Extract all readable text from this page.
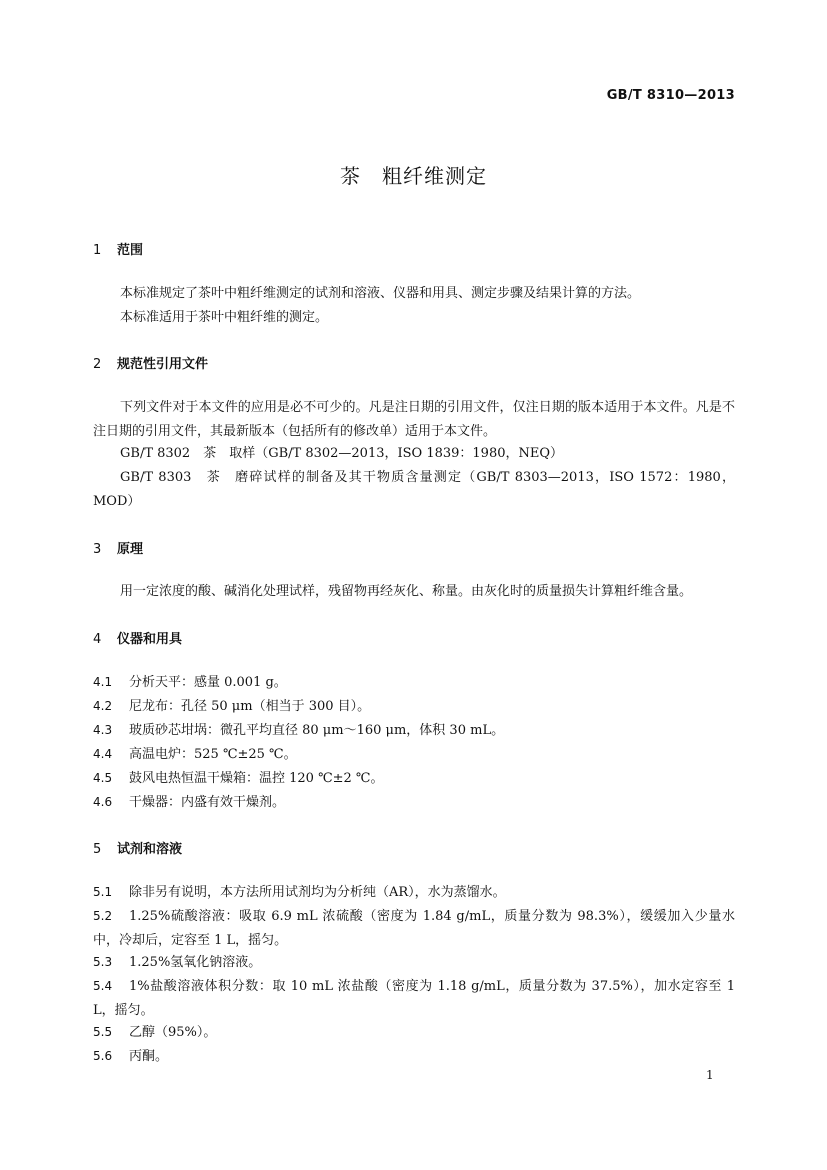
GB/T 8310—2013
茶　粗纤维测定
1 范围
本标准规定了茶叶中粗纤维测定的试剂和溶液、仪器和用具、测定步骤及结果计算的方法。
本标准适用于茶叶中粗纤维的测定。
2 规范性引用文件
下列文件对于本文件的应用是必不可少的。凡是注日期的引用文件，仅注日期的版本适用于本文件。凡是不注日期的引用文件，其最新版本（包括所有的修改单）适用于本文件。
GB/T 8302　茶　取样（GB/T 8302—2013，ISO 1839：1980，NEQ）
GB/T 8303　茶　磨碎试样的制备及其干物质含量测定（GB/T 8303—2013，ISO 1572：1980，MOD）
3 原理
用一定浓度的酸、碱消化处理试样，残留物再经灰化、称量。由灰化时的质量损失计算粗纤维含量。
4 仪器和用具
4.1 分析天平：感量 0.001 g。
4.2 尼龙布：孔径 50 μm（相当于 300 目）。
4.3 玻质砂芯坩埚：微孔平均直径 80 μm～160 μm，体积 30 mL。
4.4 高温电炉：525 ℃±25 ℃。
4.5 鼓风电热恒温干燥箱：温控 120 ℃±2 ℃。
4.6 干燥器：内盛有效干燥剂。
5 试剂和溶液
5.1 除非另有说明，本方法所用试剂均为分析纯（AR），水为蒸馏水。
5.2 1.25%硫酸溶液：吸取 6.9 mL 浓硫酸（密度为 1.84 g/mL，质量分数为 98.3%），缓缓加入少量水中，冷却后，定容至 1 L，摇匀。
5.3 1.25%氢氧化钠溶液。
5.4 1%盐酸溶液体积分数：取 10 mL 浓盐酸（密度为 1.18 g/mL，质量分数为 37.5%），加水定容至 1 L，摇匀。
5.5 乙醇（95%）。
5.6 丙酮。
1
